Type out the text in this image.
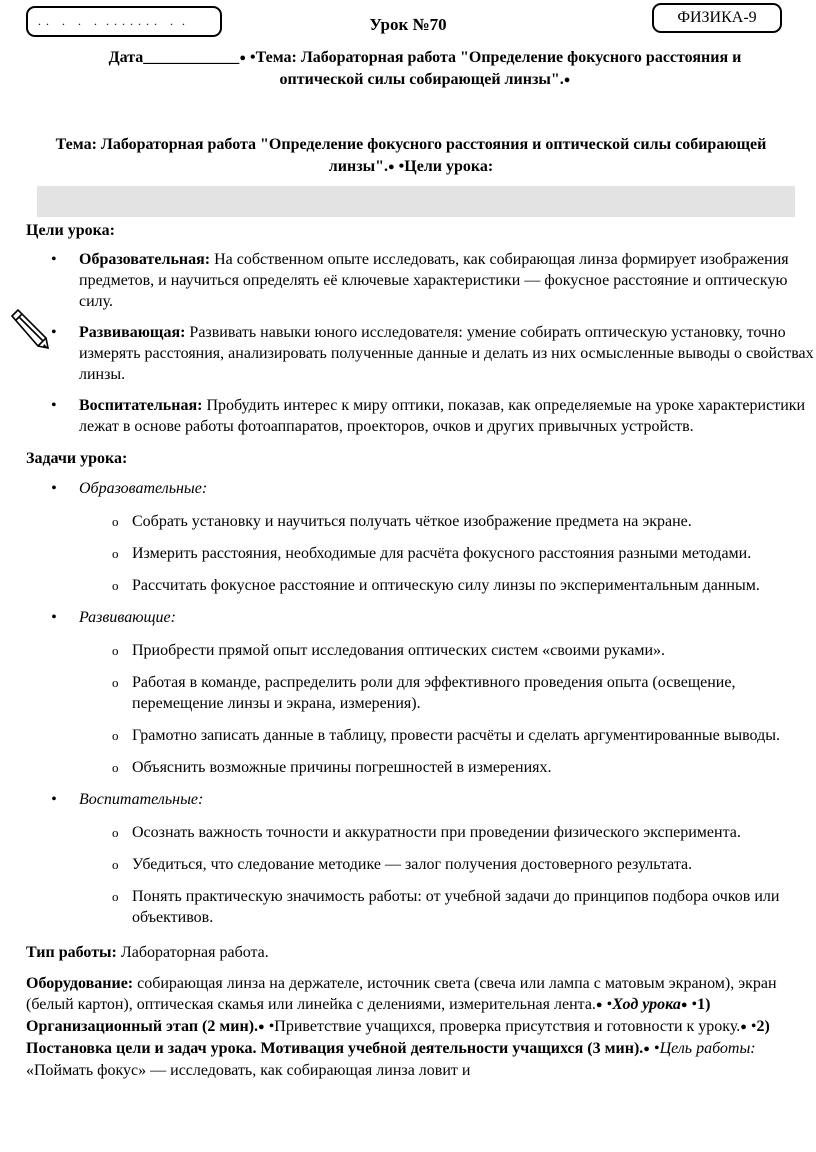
. .   .   .   .  . . . . . . .   .  .	ФИЗИКА-9
Урок №70
Дата____________● •Тема: Лабораторная работа "Определение фокусного расстояния и оптической силы собирающей линзы".●
Тема: Лабораторная работа "Определение фокусного расстояния и оптической силы собирающей линзы".● •Цели урока:
Цели урока:
• Образовательная: На собственном опыте исследовать, как собирающая линза формирует изображения предметов, и научиться определять её ключевые характеристики — фокусное расстояние и оптическую силу.
• Развивающая: Развивать навыки юного исследователя: умение собирать оптическую установку, точно измерять расстояния, анализировать полученные данные и делать из них осмысленные выводы о свойствах линзы.
• Воспитательная: Пробудить интерес к миру оптики, показав, как определяемые на уроке характеристики лежат в основе работы фотоаппаратов, проекторов, очков и других привычных устройств.
Задачи урока:
• Образовательные:
o Собрать установку и научиться получать чёткое изображение предмета на экране.
o Измерить расстояния, необходимые для расчёта фокусного расстояния разными методами.
o Рассчитать фокусное расстояние и оптическую силу линзы по экспериментальным данным.
• Развивающие:
o Приобрести прямой опыт исследования оптических систем «своими руками».
o Работая в команде, распределить роли для эффективного проведения опыта (освещение, перемещение линзы и экрана, измерения).
o Грамотно записать данные в таблицу, провести расчёты и сделать аргументированные выводы.
o Объяснить возможные причины погрешностей в измерениях.
• Воспитательные:
o Осознать важность точности и аккуратности при проведении физического эксперимента.
o Убедиться, что следование методике — залог получения достоверного результата.
o Понять практическую значимость работы: от учебной задачи до принципов подбора очков или объективов.
Тип работы: Лабораторная работа.
Оборудование: собирающая линза на держателе, источник света (свеча или лампа с матовым экраном), экран (белый картон), оптическая скамья или линейка с делениями, измерительная лента.● •Ход урока● •1) Организационный этап (2 мин).● •Приветствие учащихся, проверка присутствия и готовности к уроку.● •2) Постановка цели и задач урока. Мотивация учебной деятельности учащихся (3 мин).● •Цель работы: «Поймать фокус» — исследовать, как собирающая линза ловит и
